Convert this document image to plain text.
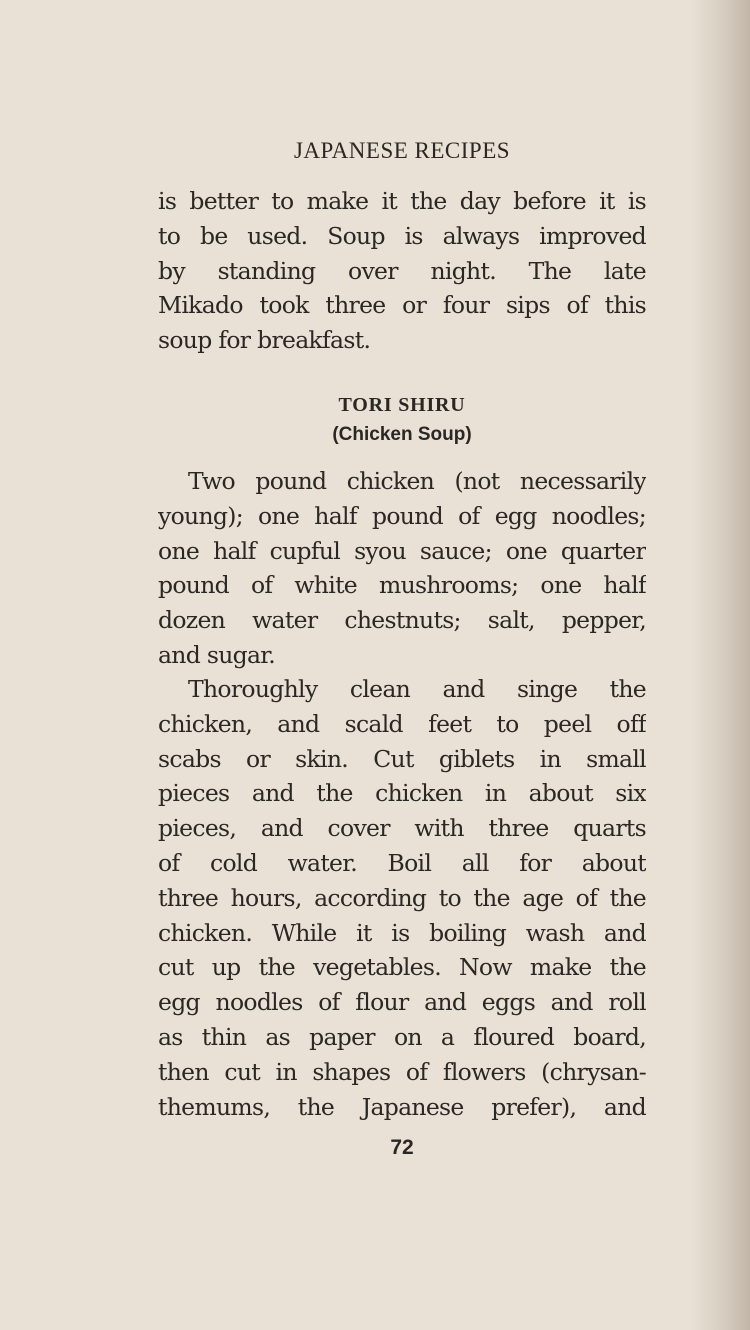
JAPANESE RECIPES
is better to make it the day before it is
to be used. Soup is always improved
by standing over night. The late
Mikado took three or four sips of this
soup for breakfast.
TORI SHIRU
(Chicken Soup)
Two pound chicken (not necessarily
young); one half pound of egg noodles;
one half cupful syou sauce; one quarter
pound of white mushrooms; one half
dozen water chestnuts; salt, pepper,
and sugar.
Thoroughly clean and singe the
chicken, and scald feet to peel off
scabs or skin. Cut giblets in small
pieces and the chicken in about six
pieces, and cover with three quarts
of cold water. Boil all for about
three hours, according to the age of the
chicken. While it is boiling wash and
cut up the vegetables. Now make the
egg noodles of flour and eggs and roll
as thin as paper on a floured board,
then cut in shapes of flowers (chrysan-
themums, the Japanese prefer), and
72
